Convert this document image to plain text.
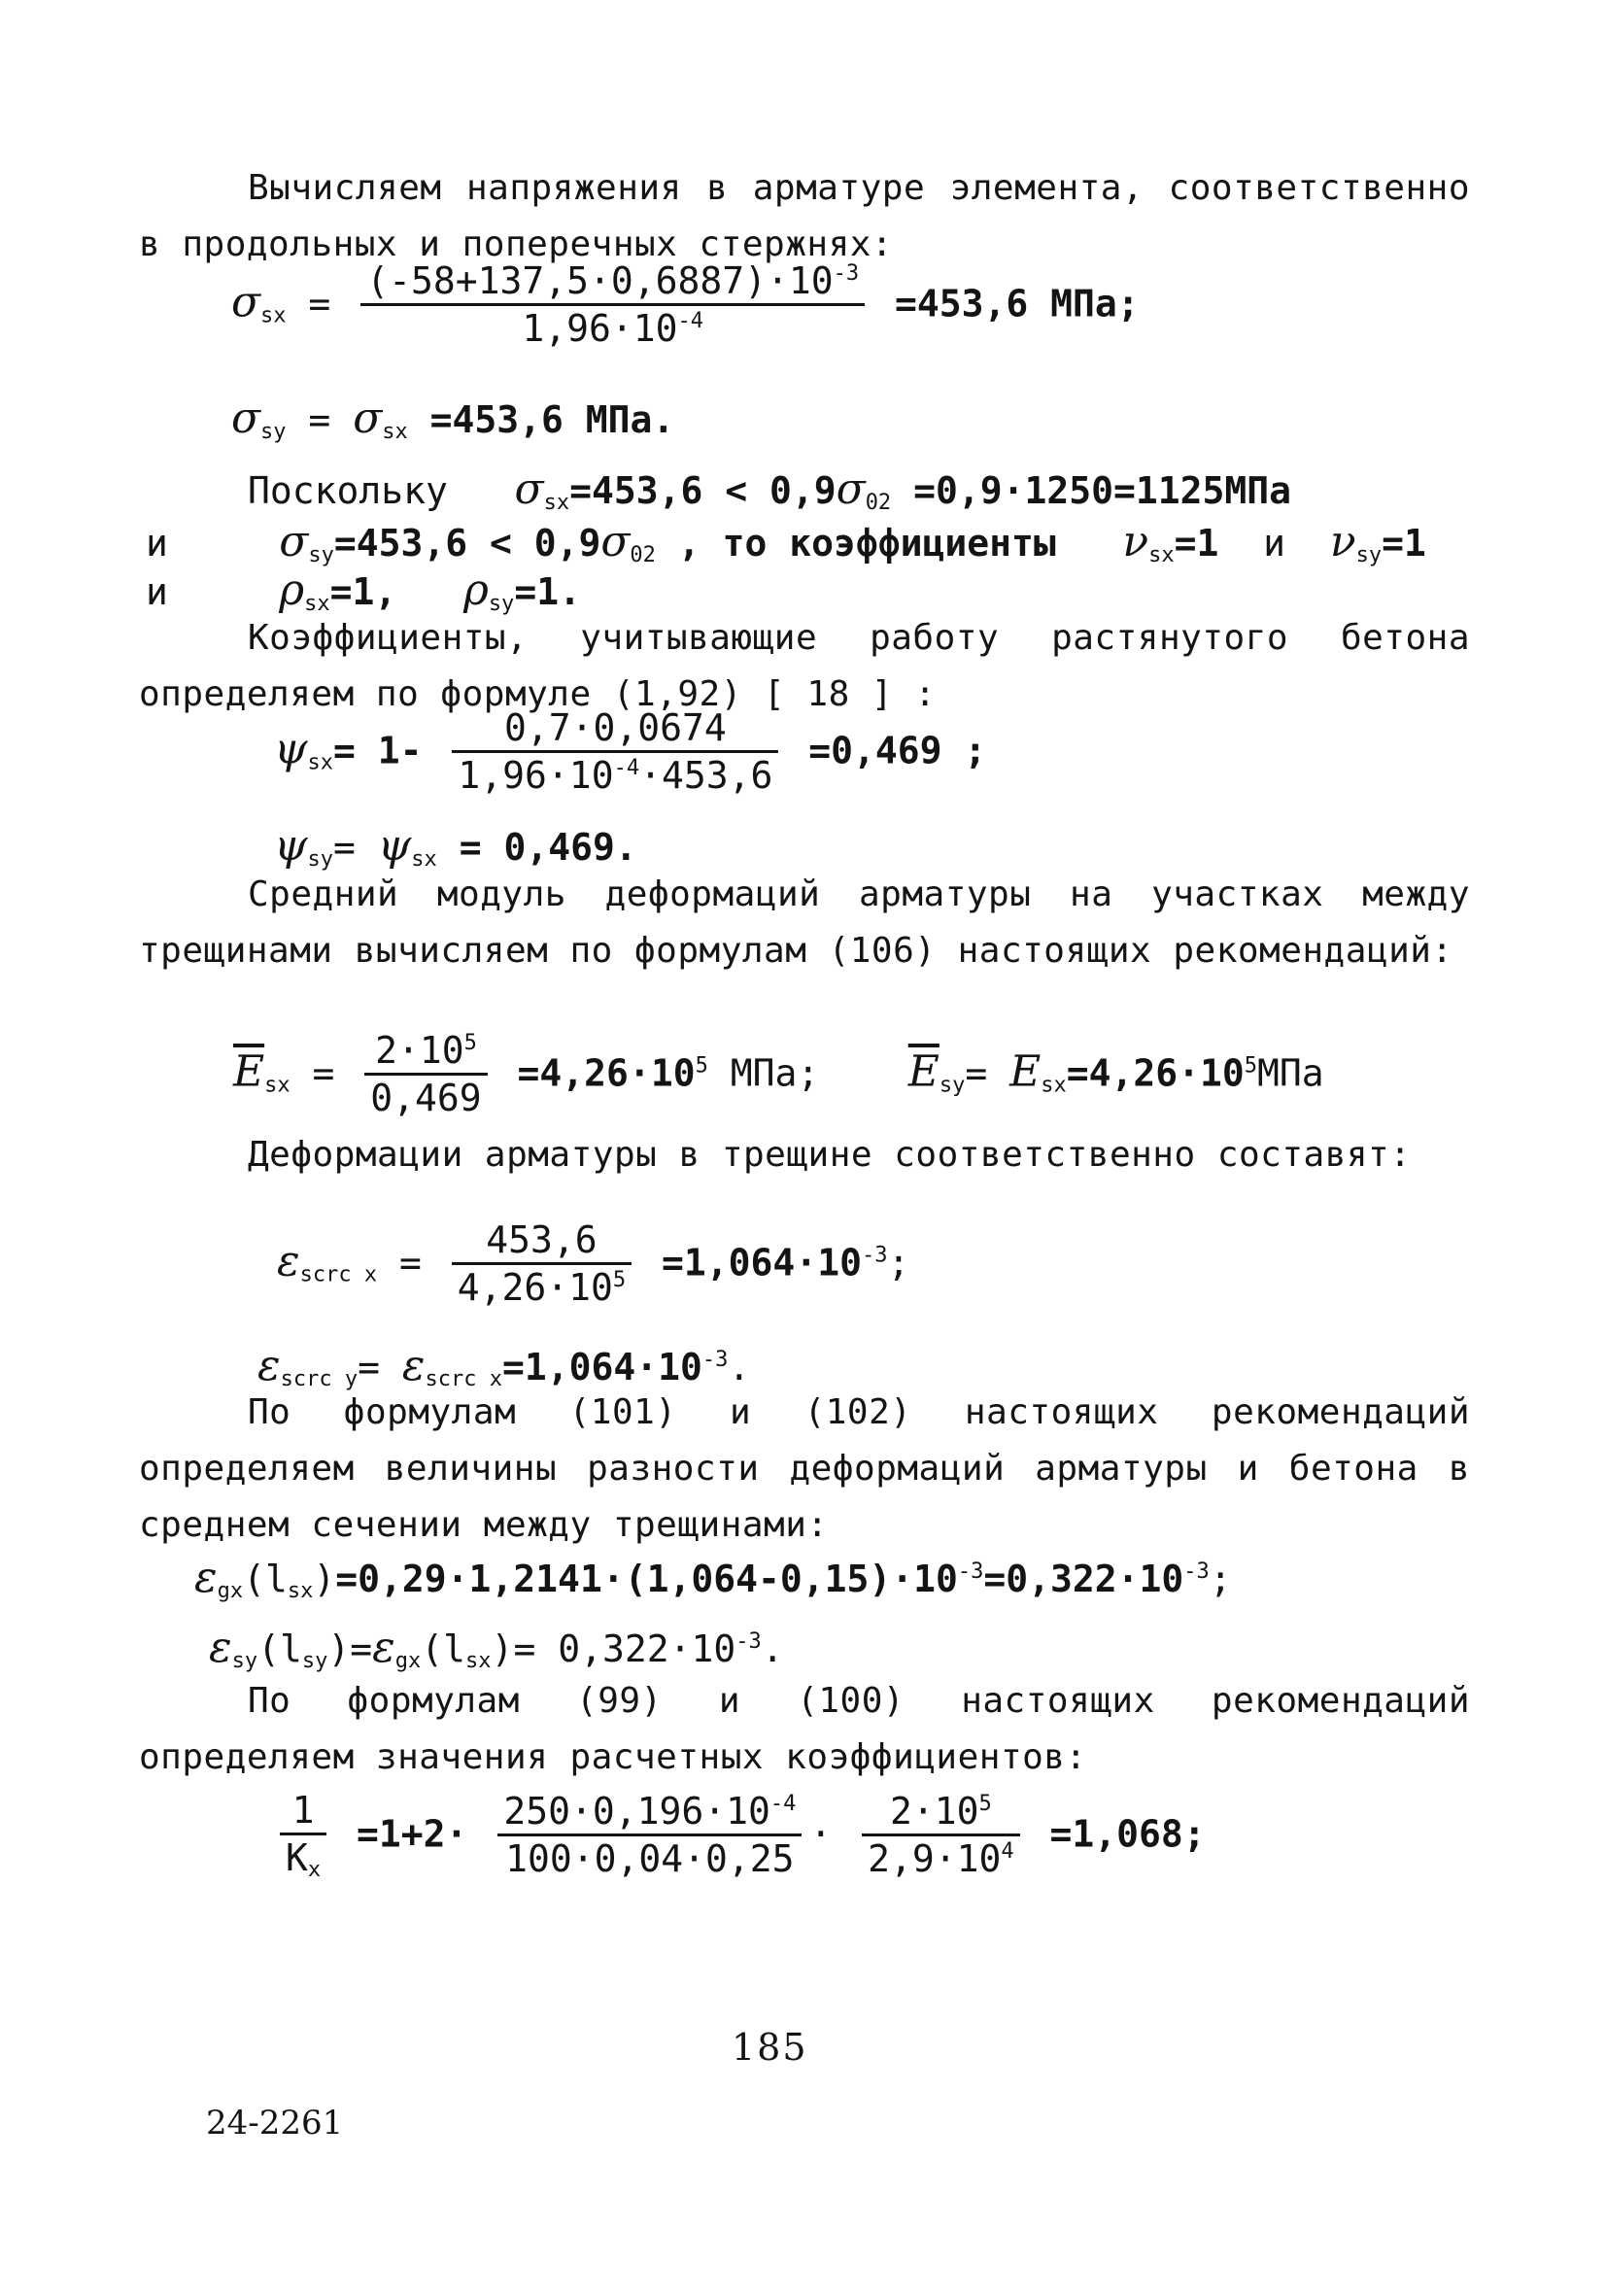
Вычисляем напряжения в арматуре элемента, соответственно в продольных и поперечных стержнях:

$\sigma_{sx} = \frac{(-58+137,5\cdot 0,6887)\cdot 10^{-3}}{1,96\cdot 10^{-4}} =453,6$ МПа;
$\sigma_{sy} = \sigma_{sx} =453,6$ МПа.
Поскольку $\sigma_{sx}=453,6 < 0,9\sigma_{02} =0,9\cdot 1250=1125МПа$
и	$\sigma_{sy}=453,6 < 0,9\sigma_{02}$ , то коэффициенты $\nu_{sx}=1$ и $\nu_{sy}=1$
и	$\rho_{sx}=1$, $\rho_{sy}=1$.

Коэффициенты, учитывающие работу растянутого бетона определяем по формуле (1,92) [ 18 ] :

$\psi_{sx}= 1- \frac{0,7\cdot 0,0674}{1,96\cdot 10^{-4}\cdot 453,6} =0,469$ ;
$\psi_{sy}= \psi_{sx} = 0,469$.

Средний модуль деформаций арматуры на участках между трещинами вычисляем по формулам (106) настоящих рекомендаций:

$\overline{E}_{sx} = \frac{2\cdot 10^5}{0,469} =4,26\cdot 10^5$ МПа; $\overline{E}_{sy}= E_{sx}=4,26\cdot 10^5МПа$

Деформации арматуры в трещине соответственно составят:

$\varepsilon_{scrc x} = \frac{453,6}{4,26\cdot 10^5} =1,064\cdot 10^{-3}$;
$\varepsilon_{scrc y}= \varepsilon_{scrc x}=1,064\cdot 10^{-3}$.

По формулам (101) и (102) настоящих рекомендаций определяем величины разности деформаций арматуры и бетона в среднем сечении между трещинами:

$\varepsilon_{gx}(l_{sx})=0,29\cdot 1,2141\cdot(1,064-0,15)\cdot 10^{-3}=0,322\cdot 10^{-3}$;
$\varepsilon_{sy}(l_{sy})=\varepsilon_{gx}(l_{sx})= 0,322\cdot 10^{-3}$.

По формулам (99) и (100) настоящих рекомендаций определяем значения расчетных коэффициентов:

$\frac{1}{K_x} =1+2\cdot \frac{250\cdot 0,196\cdot 10^{-4}}{100\cdot 0,04\cdot 0,25} \cdot \frac{2\cdot 10^5}{2,9\cdot 10^4} =1,068$;
185
24-2261
